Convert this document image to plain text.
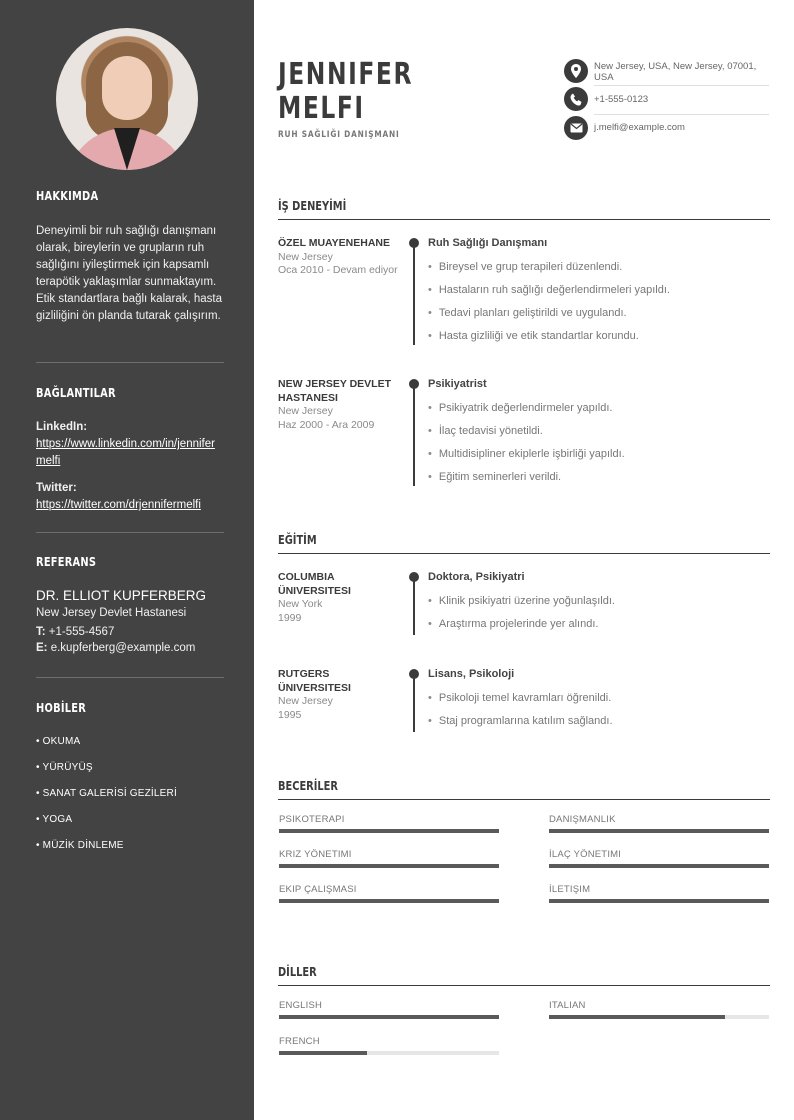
HAKKIMDA
Deneyimli bir ruh sağlığı danışmanı olarak, bireylerin ve grupların ruh sağlığını iyileştirmek için kapsamlı terapötik yaklaşımlar sunmaktayım. Etik standartlara bağlı kalarak, hasta gizliliğini ön planda tutarak çalışırım.
BAĞLANTILAR
LinkedIn:
https://www.linkedin.com/in/jennifermelfi
Twitter:
https://twitter.com/drjennifermelfi
REFERANS
DR. ELLIOT KUPFERBERG
New Jersey Devlet Hastanesi
T: +1-555-4567
E: e.kupferberg@example.com
HOBİLER
• OKUMA
• YÜRÜYÜŞ
• SANAT GALERİSİ GEZİLERİ
• YOGA
• MÜZİK DİNLEME
JENNIFER
MELFI
RUH SAĞLIĞI DANIŞMANI
New Jersey, USA, New Jersey, 07001, USA
+1-555-0123
j.melfi@example.com
İŞ DENEYİMİ
ÖZEL MUAYENEHANE
New Jersey
Oca 2010 - Devam ediyor
Ruh Sağlığı Danışmanı
• Bireysel ve grup terapileri düzenlendi.
• Hastaların ruh sağlığı değerlendirmeleri yapıldı.
• Tedavi planları geliştirildi ve uygulandı.
• Hasta gizliliği ve etik standartlar korundu.
NEW JERSEY DEVLET HASTANESI
New Jersey
Haz 2000 - Ara 2009
Psikiyatrist
• Psikiyatrik değerlendirmeler yapıldı.
• İlaç tedavisi yönetildi.
• Multidisipliner ekiplerle işbirliği yapıldı.
• Eğitim seminerleri verildi.
EĞİTİM
COLUMBIA ÜNIVERSITESI
New York
1999
Doktora, Psikiyatri
• Klinik psikiyatri üzerine yoğunlaşıldı.
• Araştırma projelerinde yer alındı.
RUTGERS ÜNIVERSITESI
New Jersey
1995
Lisans, Psikoloji
• Psikoloji temel kavramları öğrenildi.
• Staj programlarına katılım sağlandı.
BECERİLER
PSIKOTERAPI	DANIŞMANLIK
KRIZ YÖNETIMI	İLAÇ YÖNETIMI
EKIP ÇALIŞMASI	İLETIŞIM
DİLLER
ENGLISH	ITALIAN
FRENCH
